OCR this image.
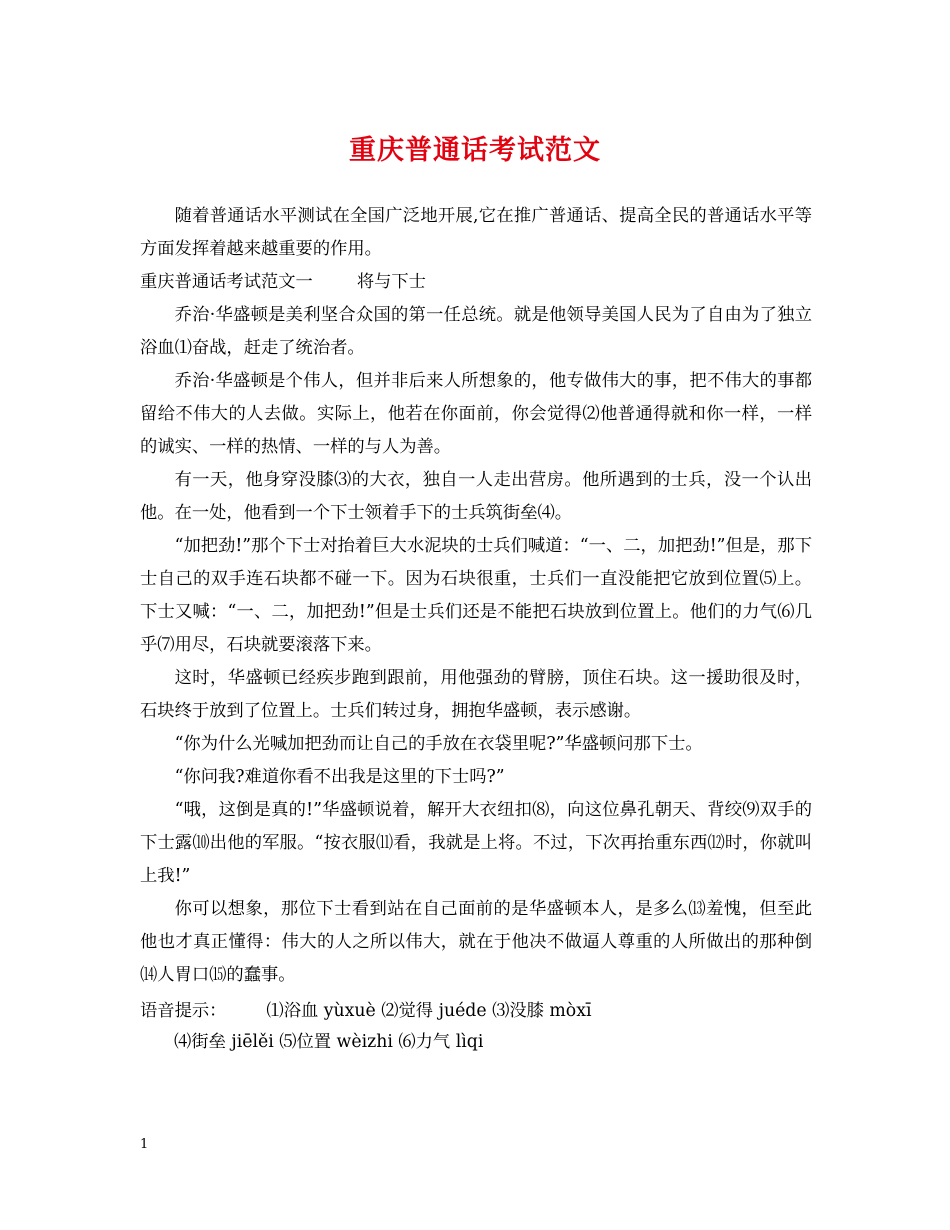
重庆普通话考试范文

随着普通话水平测试在全国广泛地开展,它在推广普通话、提高全民的普通话水平等方面发挥着越来越重要的作用。

重庆普通话考试范文一	将与下士

乔治·华盛顿是美利坚合众国的第一任总统。就是他领导美国人民为了自由为了独立浴血⑴奋战，赶走了统治者。

乔治·华盛顿是个伟人，但并非后来人所想象的，他专做伟大的事，把不伟大的事都留给不伟大的人去做。实际上，他若在你面前，你会觉得⑵他普通得就和你一样，一样的诚实、一样的热情、一样的与人为善。

有一天，他身穿没膝⑶的大衣，独自一人走出营房。他所遇到的士兵，没一个认出他。在一处，他看到一个下士领着手下的士兵筑街垒⑷。

“加把劲!”那个下士对抬着巨大水泥块的士兵们喊道：“一、二，加把劲!”但是，那下士自己的双手连石块都不碰一下。因为石块很重，士兵们一直没能把它放到位置⑸上。下士又喊：“一、二，加把劲!”但是士兵们还是不能把石块放到位置上。他们的力气⑹几乎⑺用尽，石块就要滚落下来。

这时，华盛顿已经疾步跑到跟前，用他强劲的臂膀，顶住石块。这一援助很及时，石块终于放到了位置上。士兵们转过身，拥抱华盛顿，表示感谢。

“你为什么光喊加把劲而让自己的手放在衣袋里呢?”华盛顿问那下士。

“你问我?难道你看不出我是这里的下士吗?”

“哦，这倒是真的!”华盛顿说着，解开大衣纽扣⑻，向这位鼻孔朝天、背绞⑼双手的下士露⑽出他的军服。“按衣服⑾看，我就是上将。不过，下次再抬重东西⑿时，你就叫上我!”

你可以想象，那位下士看到站在自己面前的是华盛顿本人，是多么⒀羞愧，但至此他也才真正懂得：伟大的人之所以伟大，就在于他决不做逼人尊重的人所做出的那种倒⒁人胃口⒂的蠢事。

语音提示： ⑴浴血 yùxuè ⑵觉得 juéde ⑶没膝 mòxī

⑷街垒 jiēlěi ⑸位置 wèizhi ⑹力气 lìqi

1
